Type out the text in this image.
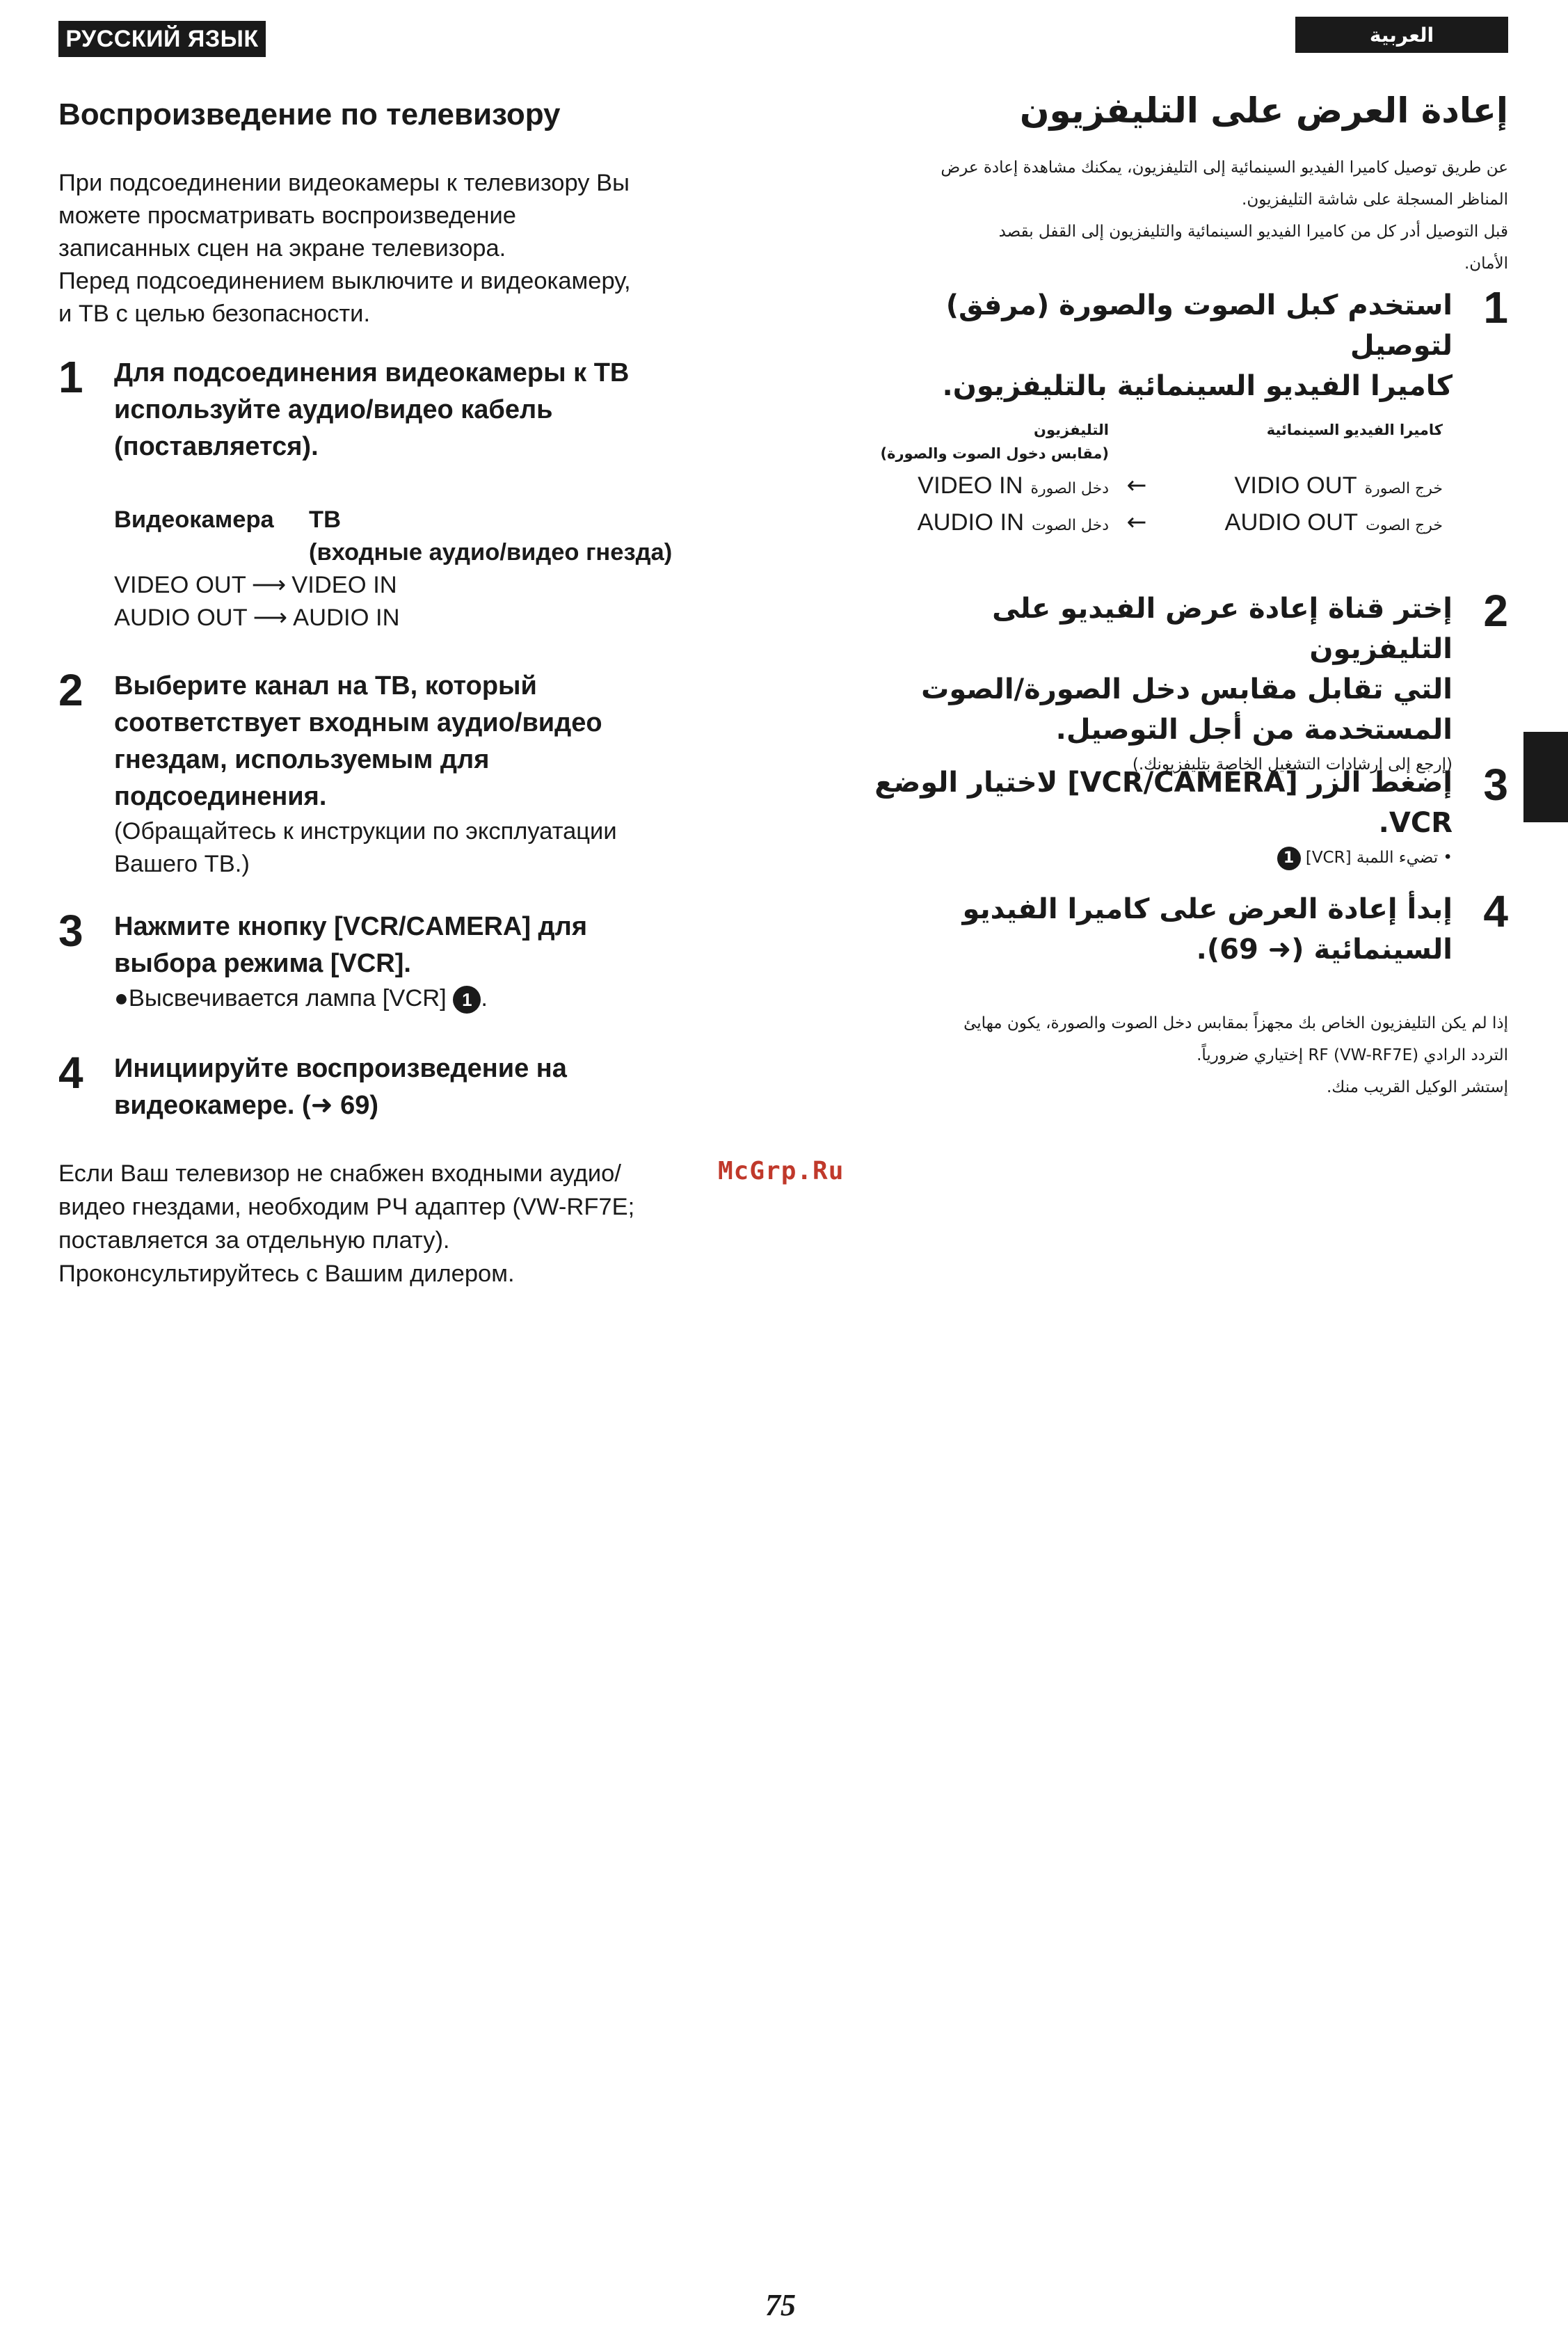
РУССКИЙ ЯЗЫК	العربية
Воспроизведение по телевизору

При подсоединении видеокамеры к телевизору Вы

можете просматривать воспроизведение

записанных сцен на экране телевизора.

Перед подсоединением выключите и видеокамеру,

и ТВ с целью безопасности.

1 Для подсоединения видеокамеры к ТВ
используйте аудио/видео кабель
(поставляется).
Видеокамера	ТВ
(входные аудио/видео гнезда)
VIDEO OUT ⟶ VIDEO IN
AUDIO OUT ⟶ AUDIO IN
2 Выберите канал на ТВ, который
соответствует входным аудио/видео
гнездам, используемым для
подсоединения.
(Обращайтесь к инструкции по эксплуатации
Вашего ТВ.)
3 Нажмите кнопку [VCR/CAMERA] для
выбора режима [VCR].
●Высвечивается лампа [VCR] 1 .
4 Инициируйте воспроизведение на
видеокамере. (➜ 69)

Если Ваш телевизор не снабжен входными аудио/

видео гнездами, необходим РЧ адаптер (VW-RF7E;

поставляется за отдельную плату).

Проконсультируйтесь с Вашим дилером.

McGrp.Ru
إعادة العرض على التليفزيون

عن طريق توصيل كاميرا الفيديو السينمائية إلى التليفزيون، يمكنك مشاهدة إعادة عرض

المناظر المسجلة على شاشة التليفزيون.

قبل التوصيل أدر كل من كاميرا الفيديو السينمائية والتليفزيون إلى القفل بقصد

الأمان.

1
استخدم كبل الصوت والصورة (مرفق) لتوصيل
كاميرا الفيديو السينمائية بالتليفزيون.
كاميرا الفيديو السينمائية
التليفزيون
(مقابس دخول الصوت والصورة)
خرج الصورة VIDIO OUT
←
دخل الصورة VIDEO IN
خرج الصوت AUDIO OUT
←
دخل الصوت AUDIO IN
2
إختر قناة إعادة عرض الفيديو على التليفزيون
التي تقابل مقابس دخل الصورة/الصوت
المستخدمة من أجل التوصيل.
(إرجع إلى إرشادات التشغيل الخاصة بتليفزيونك.) 3
إضغط الزر [VCR/CAMERA] لاختيار الوضع
VCR.
• تضيء اللمبة [VCR] 1
4
إبدأ إعادة العرض على كاميرا الفيديو
السينمائية (➜ 69).

إذا لم يكن التليفزيون الخاص بك مجهزاً بمقابس دخل الصوت والصورة، يكون مهايئ

التردد الرادي RF (VW-RF7E) إختياري ضرورياً.

إستشر الوكيل القريب منك.

75
